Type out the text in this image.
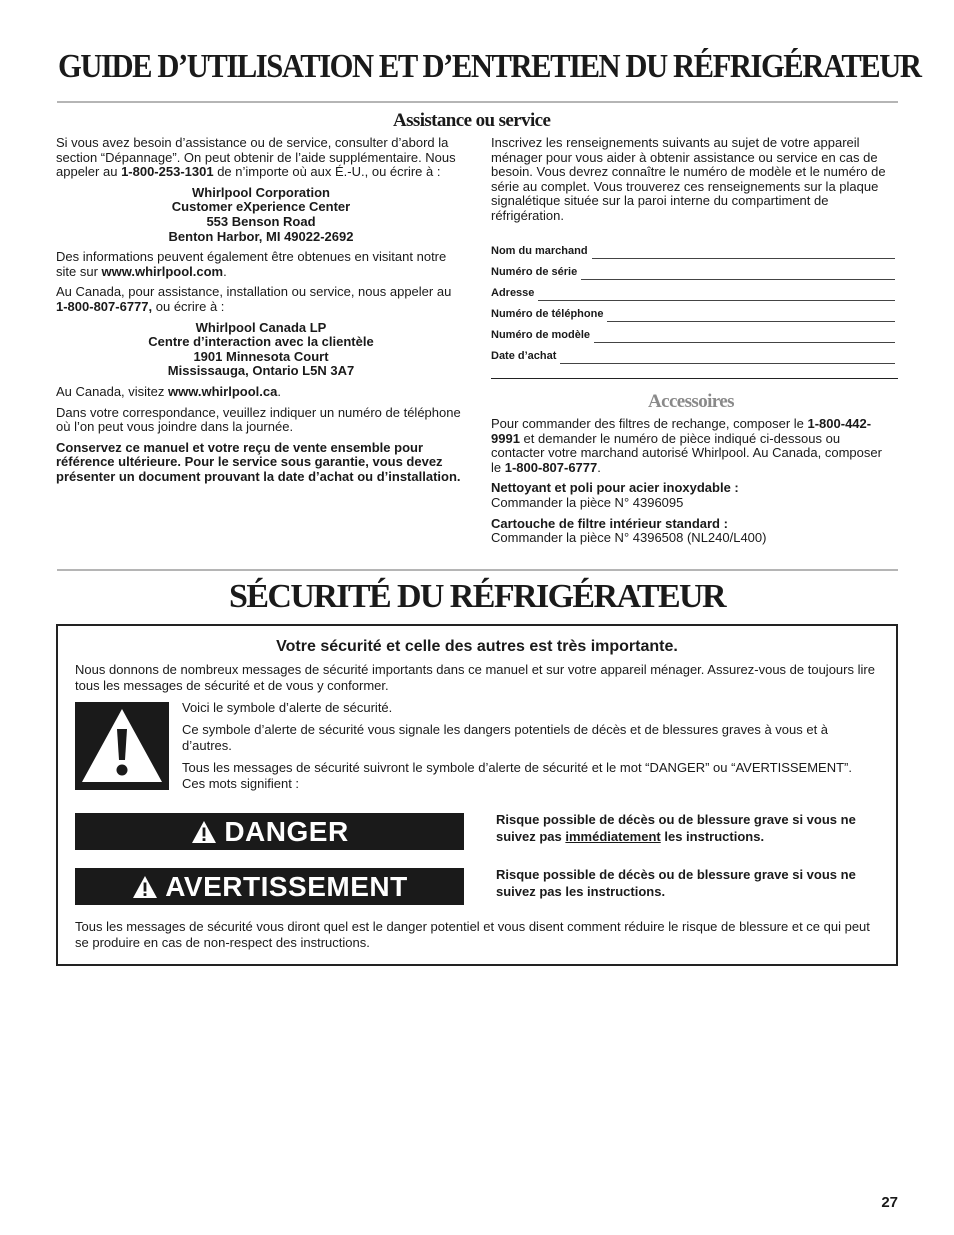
GUIDE D’UTILISATION ET D’ENTRETIEN DU RÉFRIGÉRATEUR
Assistance ou service

Si vous avez besoin d’assistance ou de service, consulter d’abord la section “Dépannage”. On peut obtenir de l’aide supplémentaire. Nous appeler au 1-800-253-1301 de n’importe où aux É.-U., ou écrire à :

Whirlpool Corporation
Customer eXperience Center
553 Benson Road
Benton Harbor, MI 49022-2692

Des informations peuvent également être obtenues en visitant notre site sur www.whirlpool.com.

Au Canada, pour assistance, installation ou service, nous appeler au 1-800-807-6777, ou écrire à :

Whirlpool Canada LP
Centre d’interaction avec la clientèle
1901 Minnesota Court
Mississauga, Ontario L5N 3A7

Au Canada, visitez www.whirlpool.ca.

Dans votre correspondance, veuillez indiquer un numéro de téléphone où l’on peut vous joindre dans la journée.

Conservez ce manuel et votre reçu de vente ensemble pour référence ultérieure. Pour le service sous garantie, vous devez présenter un document prouvant la date d’achat ou d’installation.

Inscrivez les renseignements suivants au sujet de votre appareil ménager pour vous aider à obtenir assistance ou service en cas de besoin. Vous devrez connaître le numéro de modèle et le numéro de série au complet. Vous trouverez ces renseignements sur la plaque signalétique située sur la paroi interne du compartiment de réfrigération.

Nom du marchand
Numéro de série
Adresse
Numéro de téléphone
Numéro de modèle
Date d’achat
Accessoires

Pour commander des filtres de rechange, composer le 1-800-442-9991 et demander le numéro de pièce indiqué ci-dessous ou contacter votre marchand autorisé Whirlpool. Au Canada, composer le 1-800-807-6777.

Nettoyant et poli pour acier inoxydable :
Commander la pièce N° 4396095

Cartouche de filtre intérieur standard :
Commander la pièce N° 4396508 (NL240/L400)

SÉCURITÉ DU RÉFRIGÉRATEUR
Votre sécurité et celle des autres est très importante.
Nous donnons de nombreux messages de sécurité importants dans ce manuel et sur votre appareil ménager. Assurez-vous de toujours lire tous les messages de sécurité et de vous y conformer.
Voici le symbole d’alerte de sécurité.
Ce symbole d’alerte de sécurité vous signale les dangers potentiels de décès et de blessures graves à vous et à d’autres.
Tous les messages de sécurité suivront le symbole d’alerte de sécurité et le mot “DANGER” ou “AVERTISSEMENT”. Ces mots signifient :
DANGER	Risque possible de décès ou de blessure grave si vous ne suivez pas immédiatement les instructions.
AVERTISSEMENT	Risque possible de décès ou de blessure grave si vous ne suivez pas les instructions.
Tous les messages de sécurité vous diront quel est le danger potentiel et vous disent comment réduire le risque de blessure et ce qui peut se produire en cas de non-respect des instructions.
27
